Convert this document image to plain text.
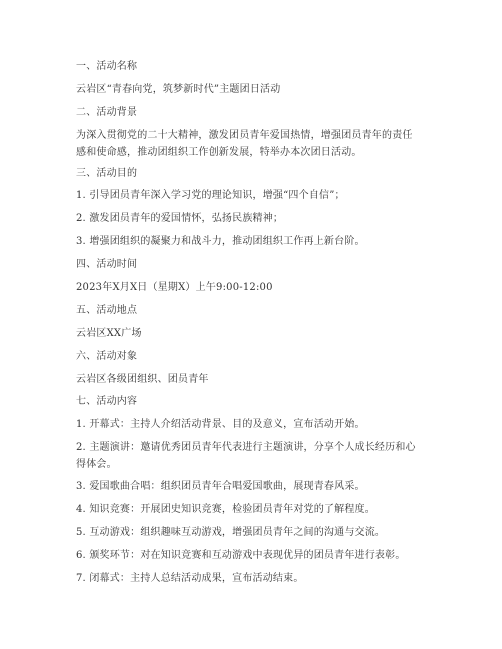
一、活动名称
云岩区“青春向党，筑梦新时代”主题团日活动
二、活动背景
为深入贯彻党的二十大精神，激发团员青年爱国热情，增强团员青年的责任感和使命感，推动团组织工作创新发展，特举办本次团日活动。
三、活动目的
1. 引导团员青年深入学习党的理论知识，增强“四个自信”；
2. 激发团员青年的爱国情怀，弘扬民族精神；
3. 增强团组织的凝聚力和战斗力，推动团组织工作再上新台阶。
四、活动时间
2023年X月X日（星期X）上午9:00-12:00
五、活动地点
云岩区XX广场
六、活动对象
云岩区各级团组织、团员青年
七、活动内容
1. 开幕式：主持人介绍活动背景、目的及意义，宣布活动开始。
2. 主题演讲：邀请优秀团员青年代表进行主题演讲，分享个人成长经历和心得体会。
3. 爱国歌曲合唱：组织团员青年合唱爱国歌曲，展现青春风采。
4. 知识竞赛：开展团史知识竞赛，检验团员青年对党的了解程度。
5. 互动游戏：组织趣味互动游戏，增强团员青年之间的沟通与交流。
6. 颁奖环节：对在知识竞赛和互动游戏中表现优异的团员青年进行表彰。
7. 闭幕式：主持人总结活动成果，宣布活动结束。
